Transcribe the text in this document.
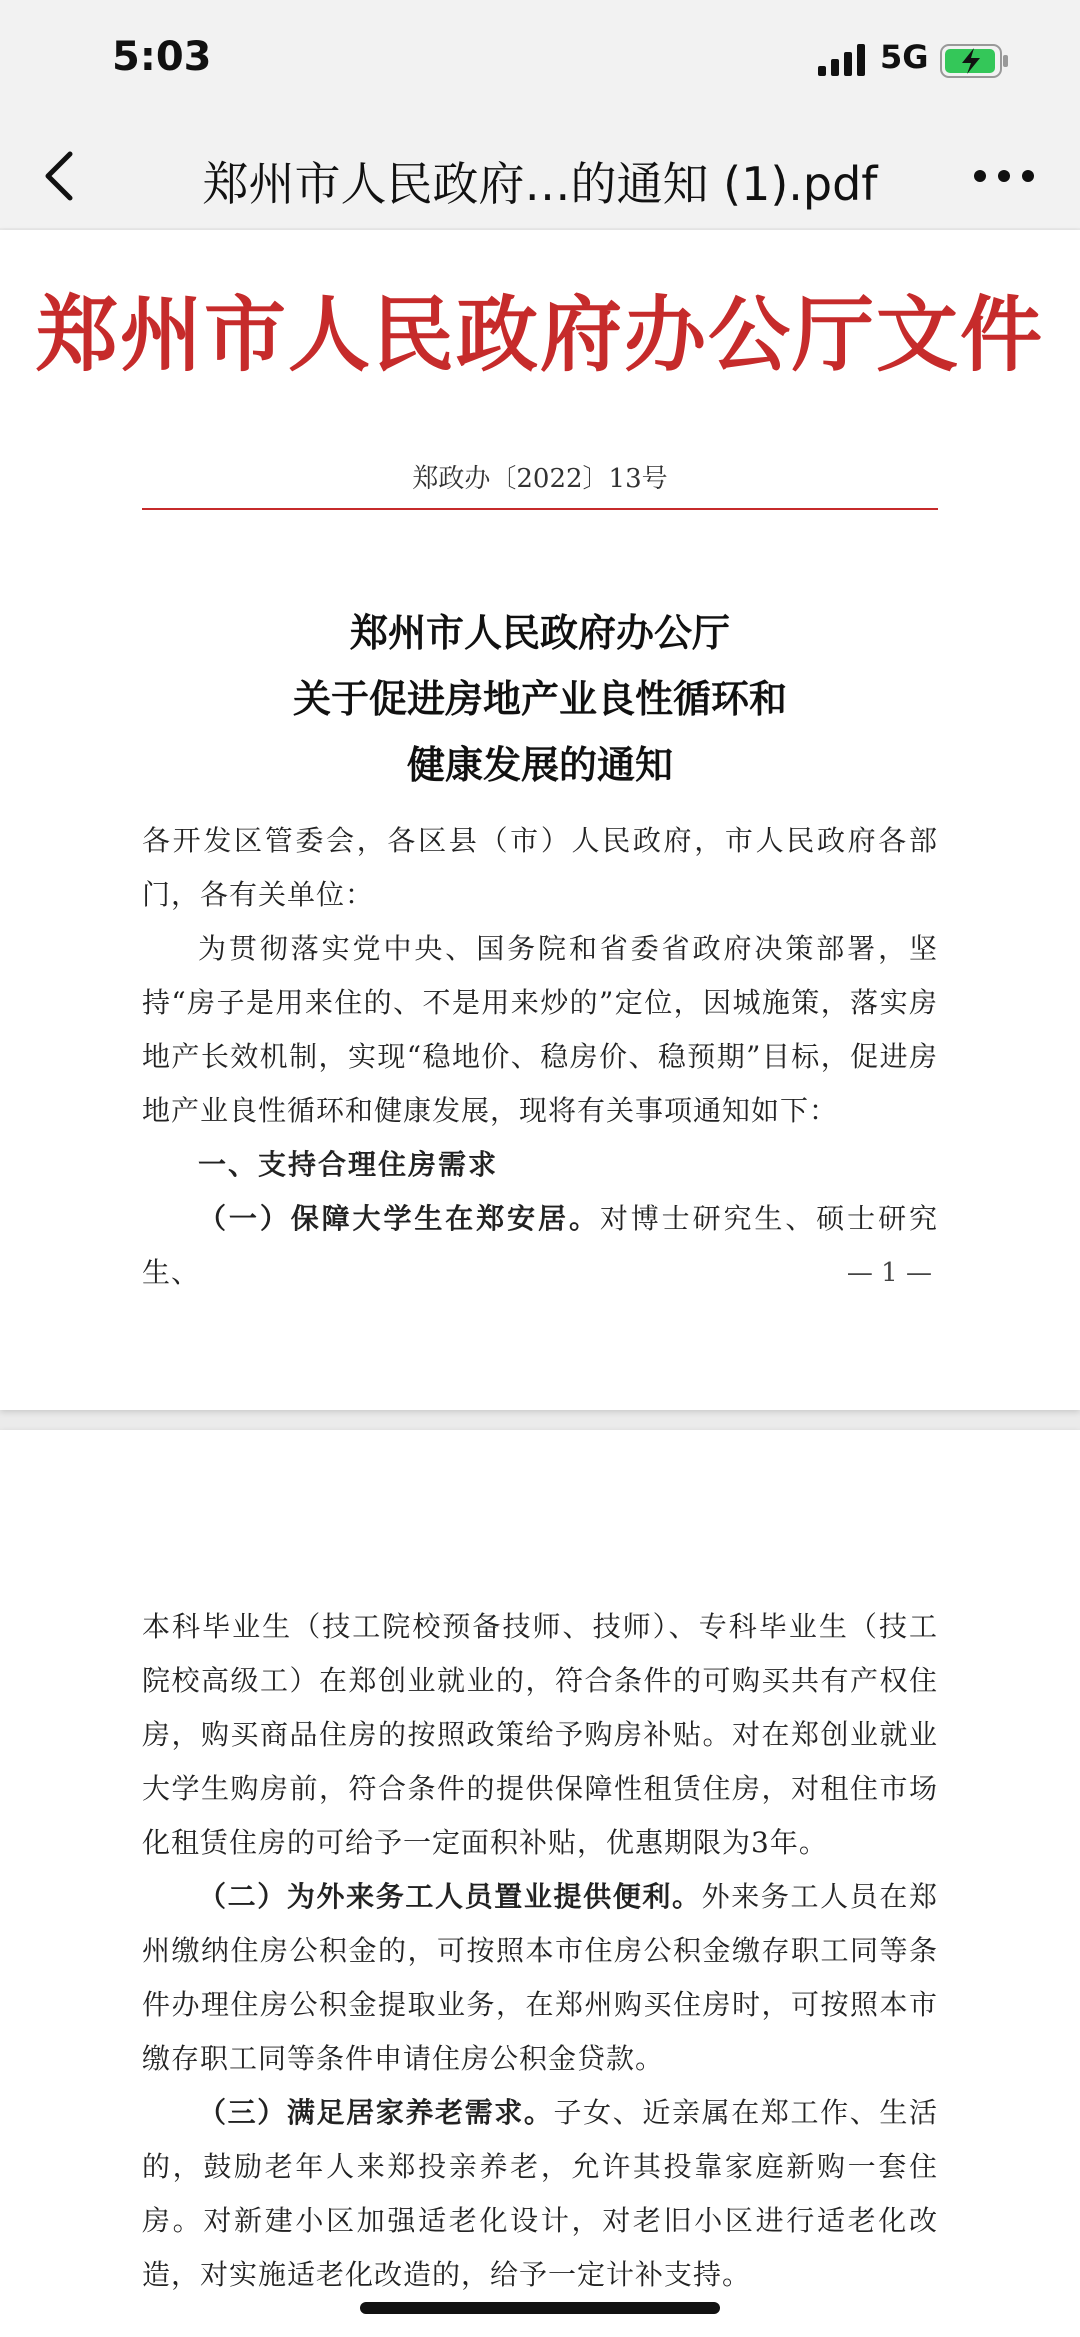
5:03	5G
郑州市人民政府…的通知 (1).pdf
郑州市人民政府办公厅文件
郑政办〔2022〕13号
郑州市人民政府办公厅
关于促进房地产业良性循环和
健康发展的通知

各开发区管委会，各区县（市）人民政府，市人民政府各部门，各有关单位：

为贯彻落实党中央、国务院和省委省政府决策部署，坚持“房子是用来住的、不是用来炒的”定位，因城施策，落实房地产长效机制，实现“稳地价、稳房价、稳预期”目标，促进房地产业良性循环和健康发展，现将有关事项通知如下：

一、支持合理住房需求

（一）保障大学生在郑安居。对博士研究生、硕士研究生、	— 1 —

本科毕业生（技工院校预备技师、技师）、专科毕业生（技工院校高级工）在郑创业就业的，符合条件的可购买共有产权住房，购买商品住房的按照政策给予购房补贴。对在郑创业就业大学生购房前，符合条件的提供保障性租赁住房，对租住市场化租赁住房的可给予一定面积补贴，优惠期限为3年。

（二）为外来务工人员置业提供便利。外来务工人员在郑州缴纳住房公积金的，可按照本市住房公积金缴存职工同等条件办理住房公积金提取业务，在郑州购买住房时，可按照本市缴存职工同等条件申请住房公积金贷款。

（三）满足居家养老需求。子女、近亲属在郑工作、生活的，鼓励老年人来郑投亲养老，允许其投靠家庭新购一套住房。对新建小区加强适老化设计，对老旧小区进行适老化改造，对实施适老化改造的，给予一定计补支持。
